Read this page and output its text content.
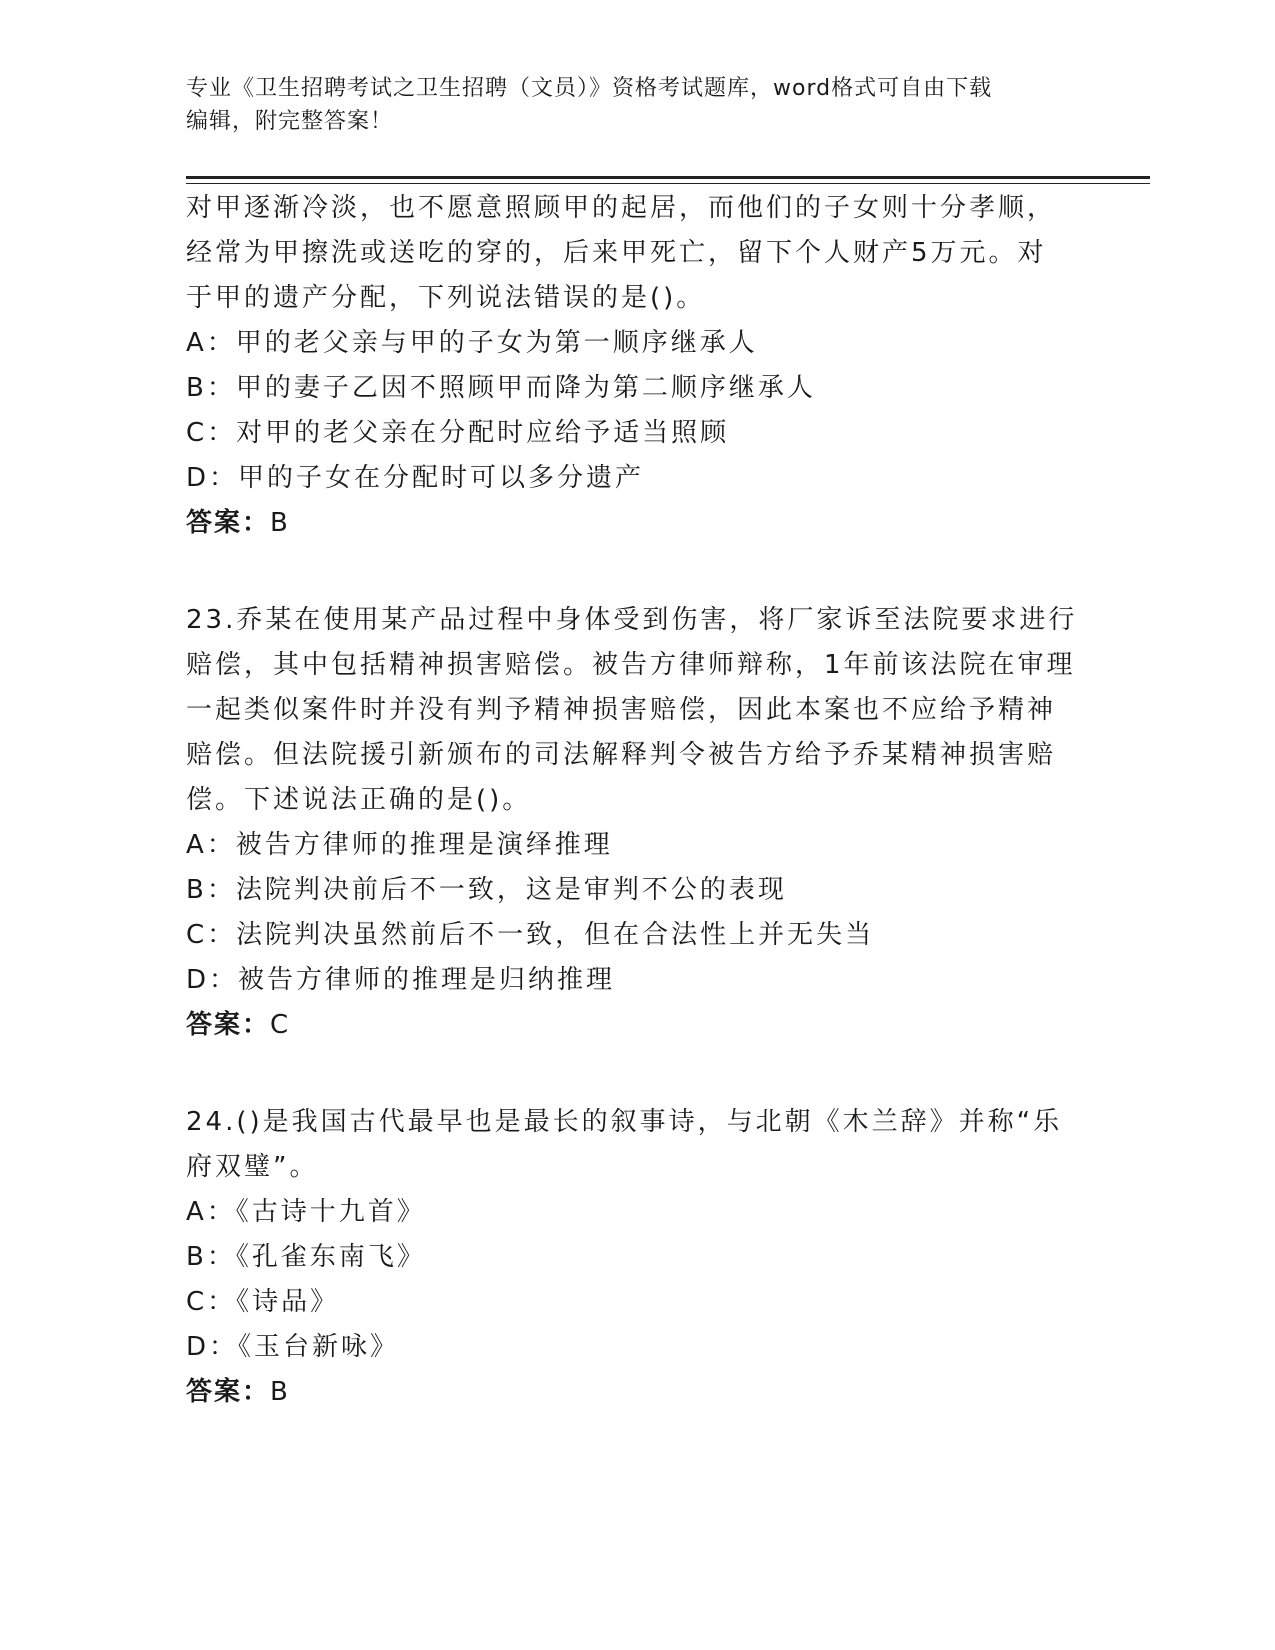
专业《卫生招聘考试之卫生招聘（文员）》资格考试题库，word格式可自由下载
编辑，附完整答案！

对甲逐渐冷淡，也不愿意照顾甲的起居，而他们的子女则十分孝顺，

经常为甲擦洗或送吃的穿的，后来甲死亡，留下个人财产5万元。对

于甲的遗产分配，下列说法错误的是()。

A：甲的老父亲与甲的子女为第一顺序继承人

B：甲的妻子乙因不照顾甲而降为第二顺序继承人

C：对甲的老父亲在分配时应给予适当照顾

D：甲的子女在分配时可以多分遗产

答案：B

23.乔某在使用某产品过程中身体受到伤害，将厂家诉至法院要求进行

赔偿，其中包括精神损害赔偿。被告方律师辩称，1年前该法院在审理

一起类似案件时并没有判予精神损害赔偿，因此本案也不应给予精神

赔偿。但法院援引新颁布的司法解释判令被告方给予乔某精神损害赔

偿。下述说法正确的是()。

A：被告方律师的推理是演绎推理

B：法院判决前后不一致，这是审判不公的表现

C：法院判决虽然前后不一致，但在合法性上并无失当

D：被告方律师的推理是归纳推理

答案：C

24.()是我国古代最早也是最长的叙事诗，与北朝《木兰辞》并称“乐

府双璧”。

A：《古诗十九首》

B：《孔雀东南飞》

C：《诗品》

D：《玉台新咏》

答案：B
